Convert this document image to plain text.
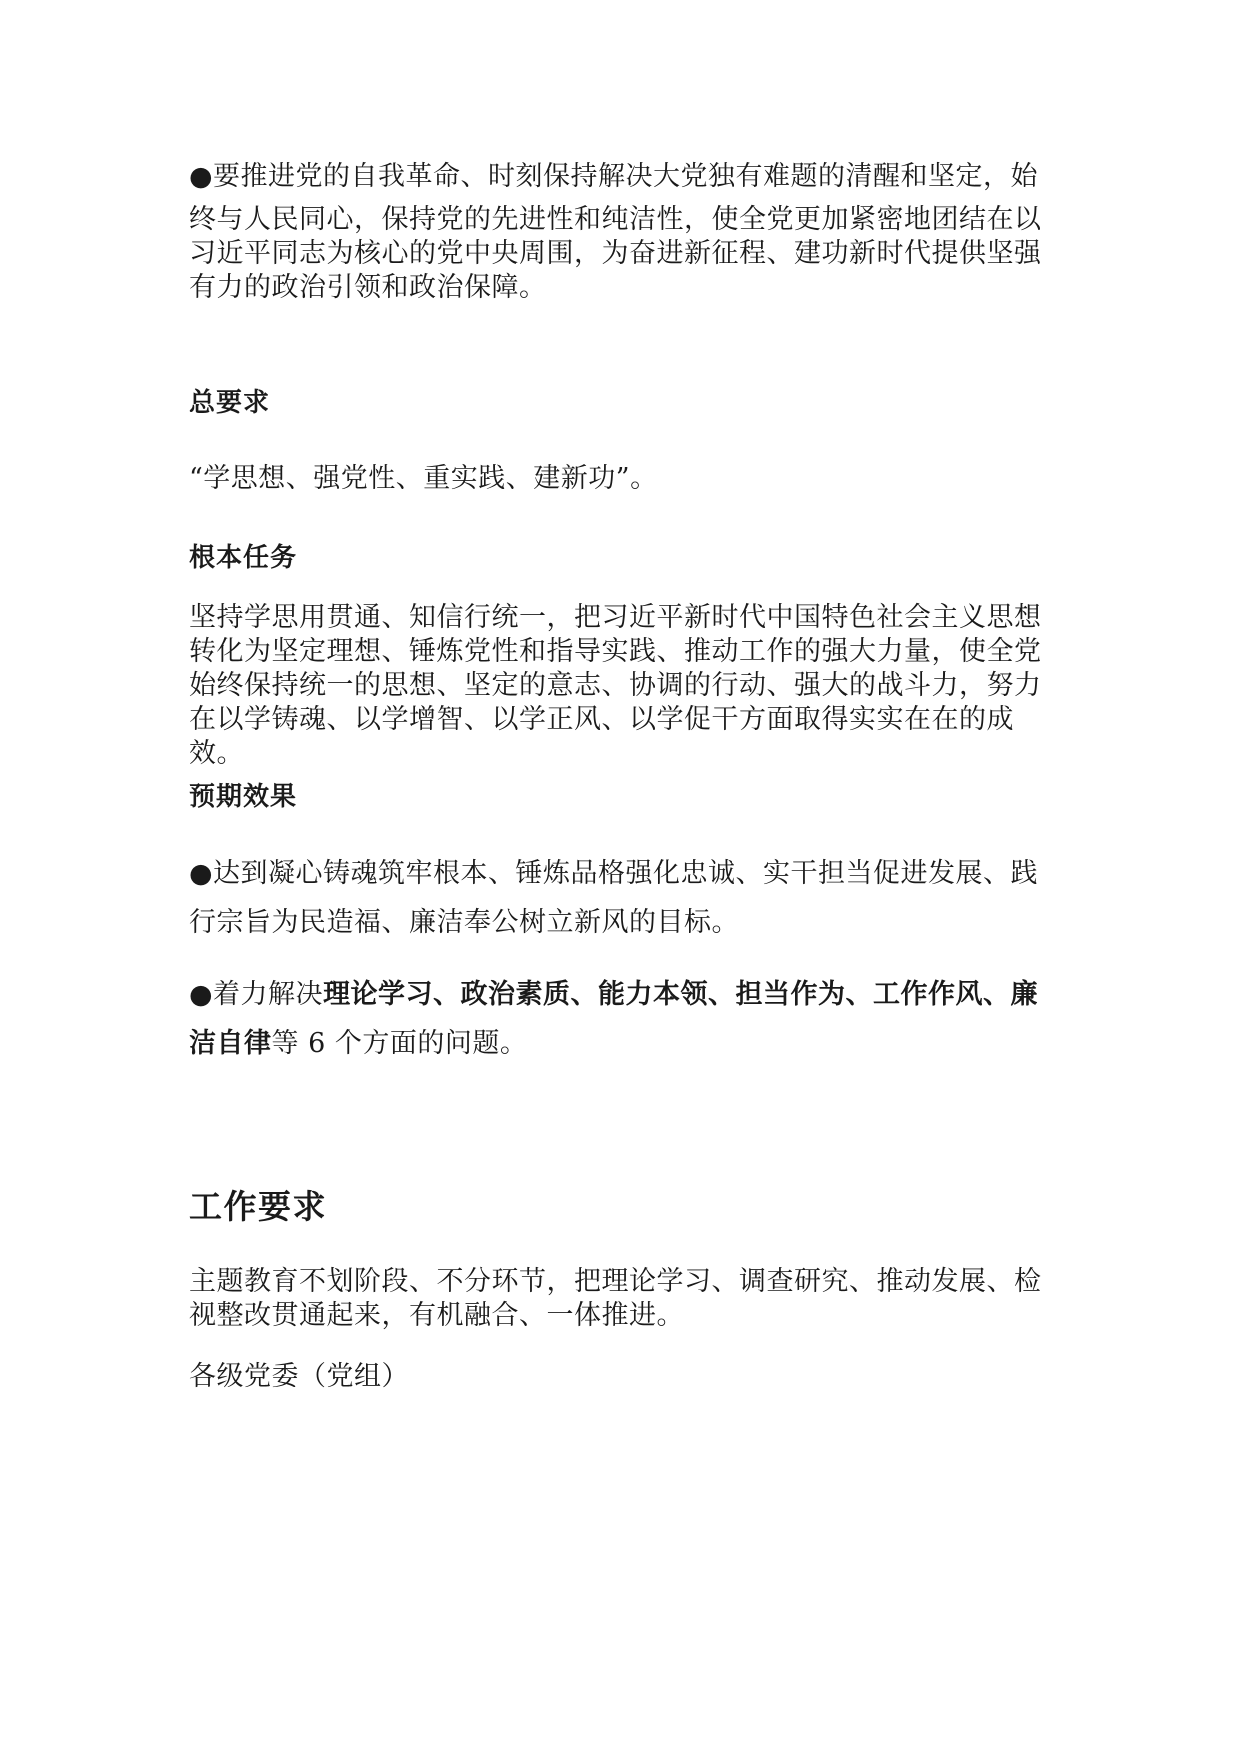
●要推进党的自我革命、时刻保持解决大党独有难题的清醒和坚定，始

终与人民同心，保持党的先进性和纯洁性，使全党更加紧密地团结在以习近平同志为核心的党中央周围，为奋进新征程、建功新时代提供坚强有力的政治引领和政治保障。

总要求

“学思想、强党性、重实践、建新功”。

根本任务

坚持学思用贯通、知信行统一，把习近平新时代中国特色社会主义思想转化为坚定理想、锤炼党性和指导实践、推动工作的强大力量，使全党始终保持统一的思想、坚定的意志、协调的行动、强大的战斗力，努力在以学铸魂、以学增智、以学正风、以学促干方面取得实实在在的成效。

预期效果

●达到凝心铸魂筑牢根本、锤炼品格强化忠诚、实干担当促进发展、践行宗旨为民造福、廉洁奉公树立新风的目标。

●着力解决理论学习、政治素质、能力本领、担当作为、工作作风、廉洁自律等 6 个方面的问题。

工作要求

主题教育不划阶段、不分环节，把理论学习、调查研究、推动发展、检视整改贯通起来，有机融合、一体推进。

各级党委（党组）
